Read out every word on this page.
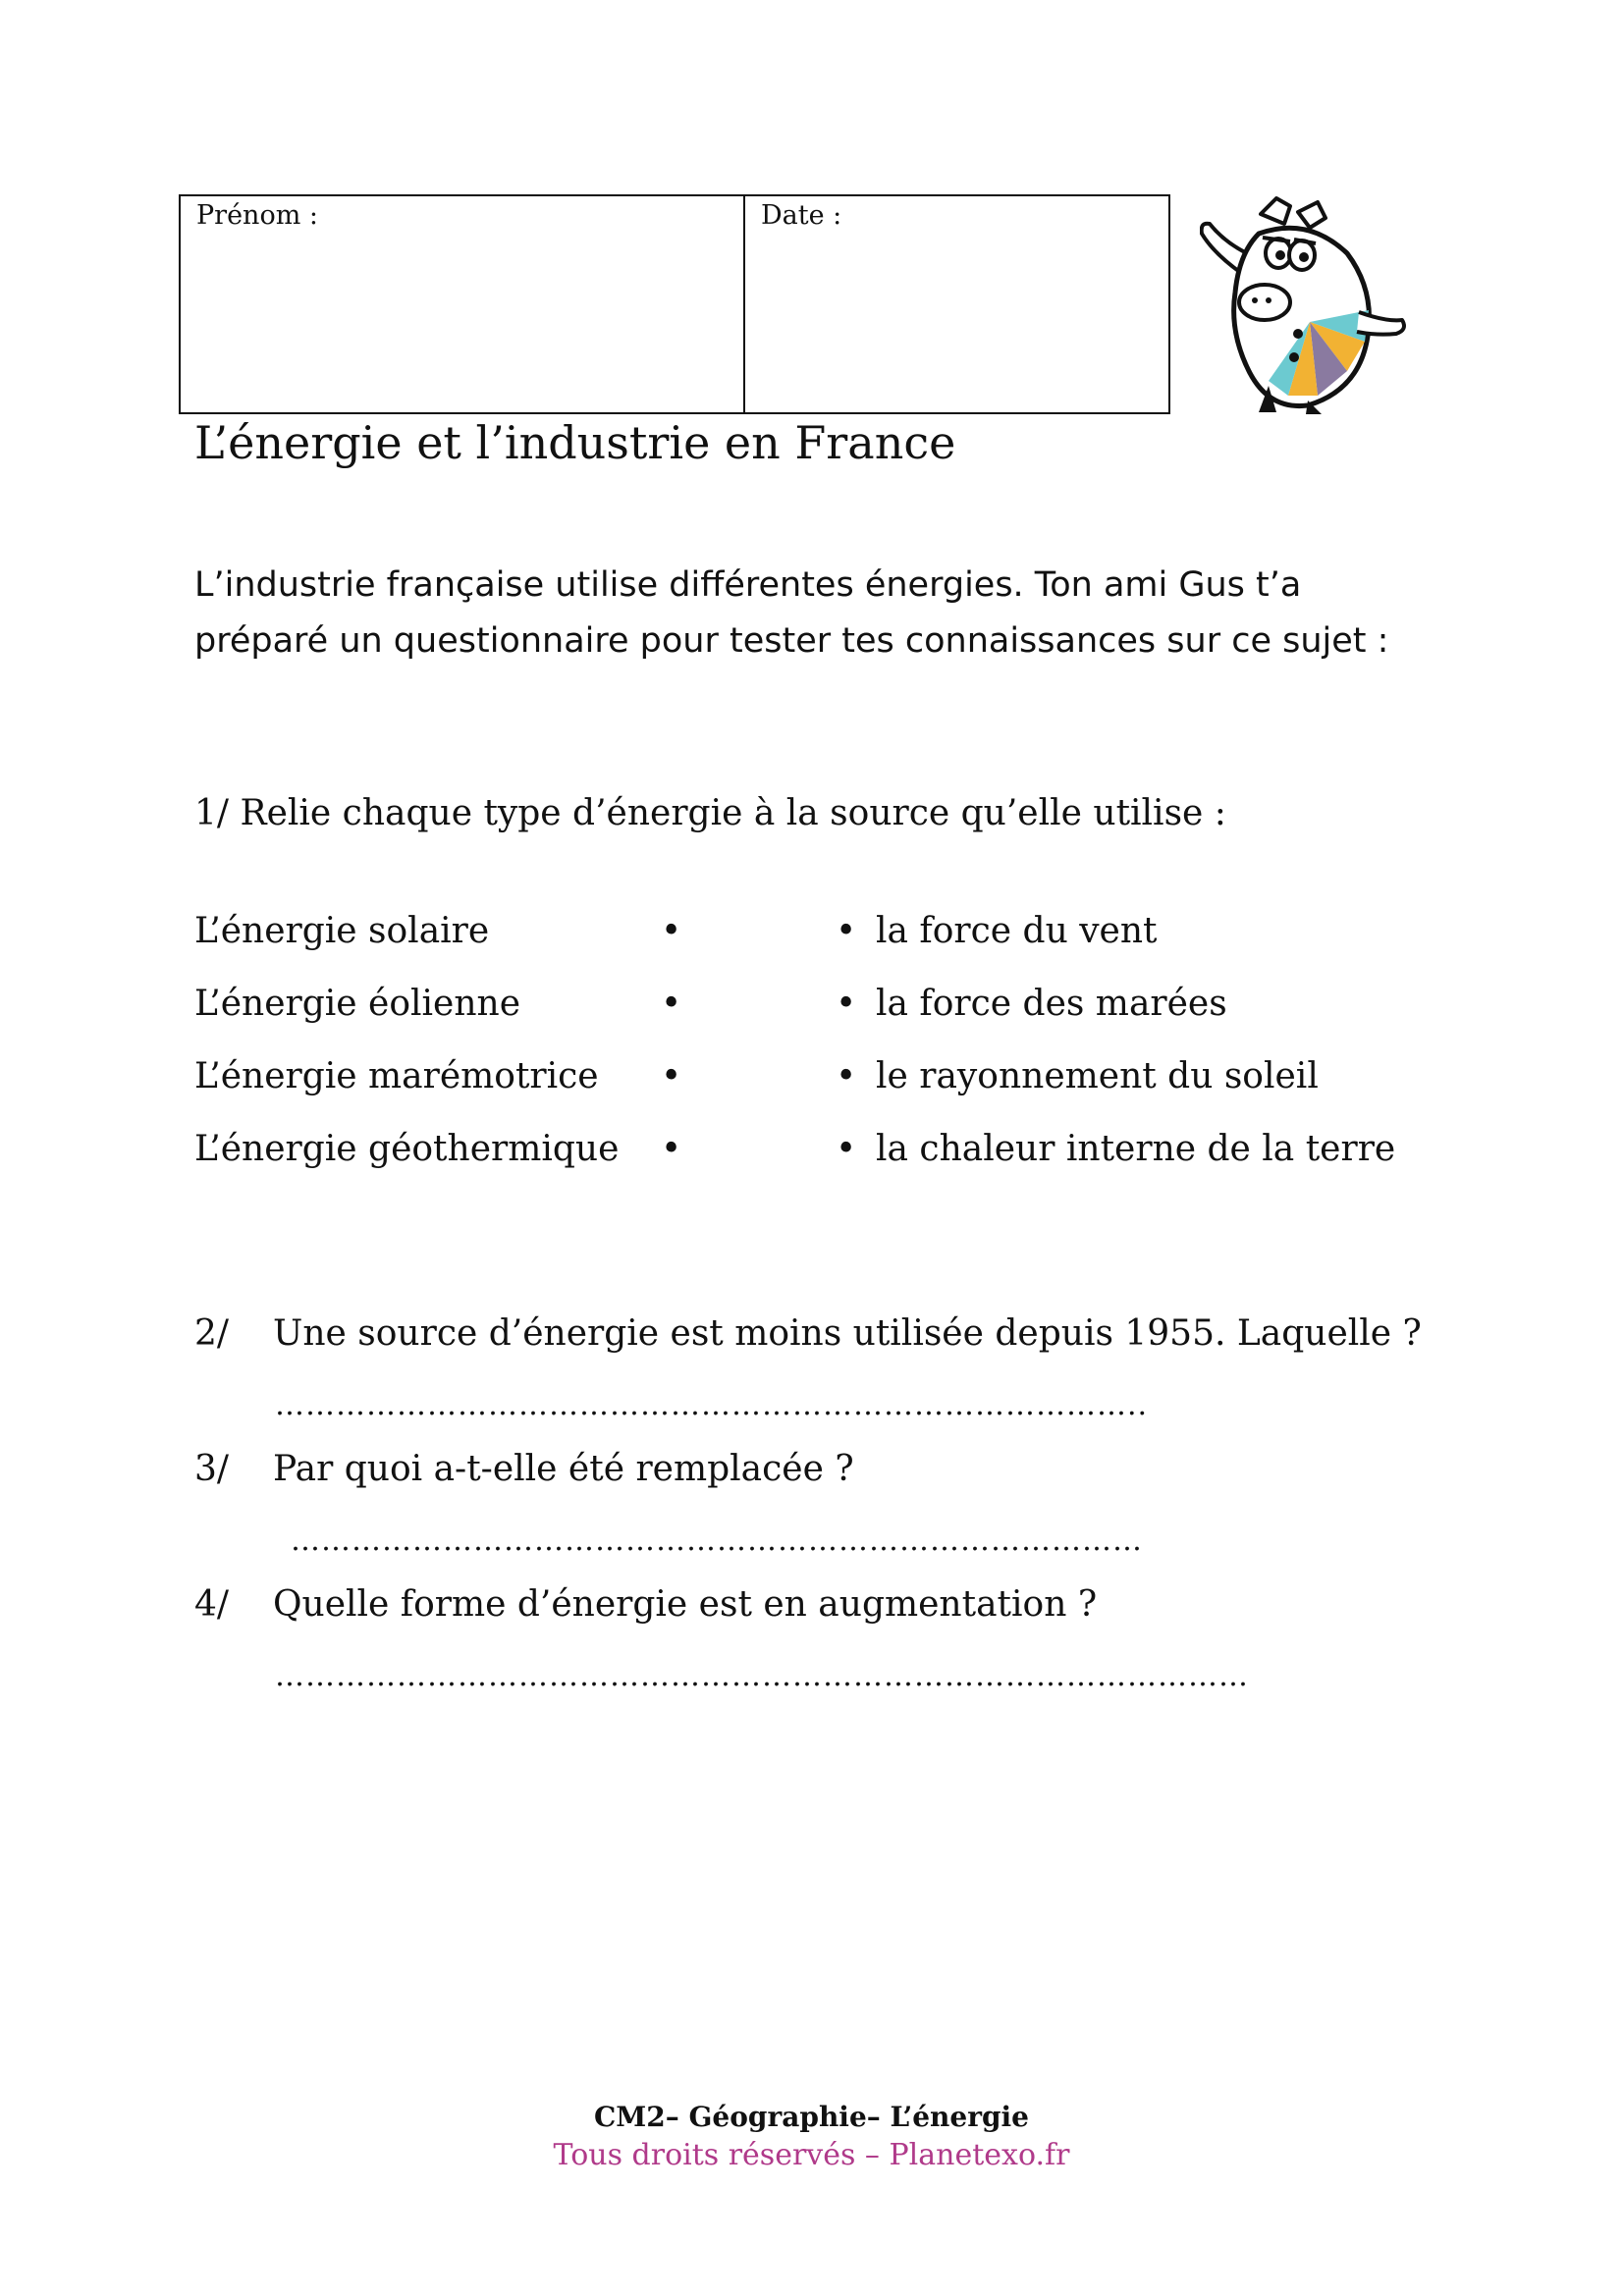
Prénom :	Date :
L’énergie et l’industrie en France
L’industrie française utilise différentes énergies. Ton ami Gus t’a
préparé un questionnaire pour tester tes connaissances sur ce sujet :
1/ Relie chaque type d’énergie à la source qu’elle utilise :
L’énergie solaire	•	• la force du vent
L’énergie éolienne	•	• la force des marées
L’énergie marémotrice •	• le rayonnement du soleil
L’énergie géothermique •	• la chaleur interne de la terre
2/ Une source d’énergie est moins utilisée depuis 1955. Laquelle ?
…………………………………………………………………………..
3/ Par quoi a-t-elle été remplacée ?
…………………………………………………………………………
4/ Quelle forme d’énergie est en augmentation ?
……………………………………………………………………………………
CM2– Géographie– L’énergie
Tous droits réservés – Planetexo.fr
